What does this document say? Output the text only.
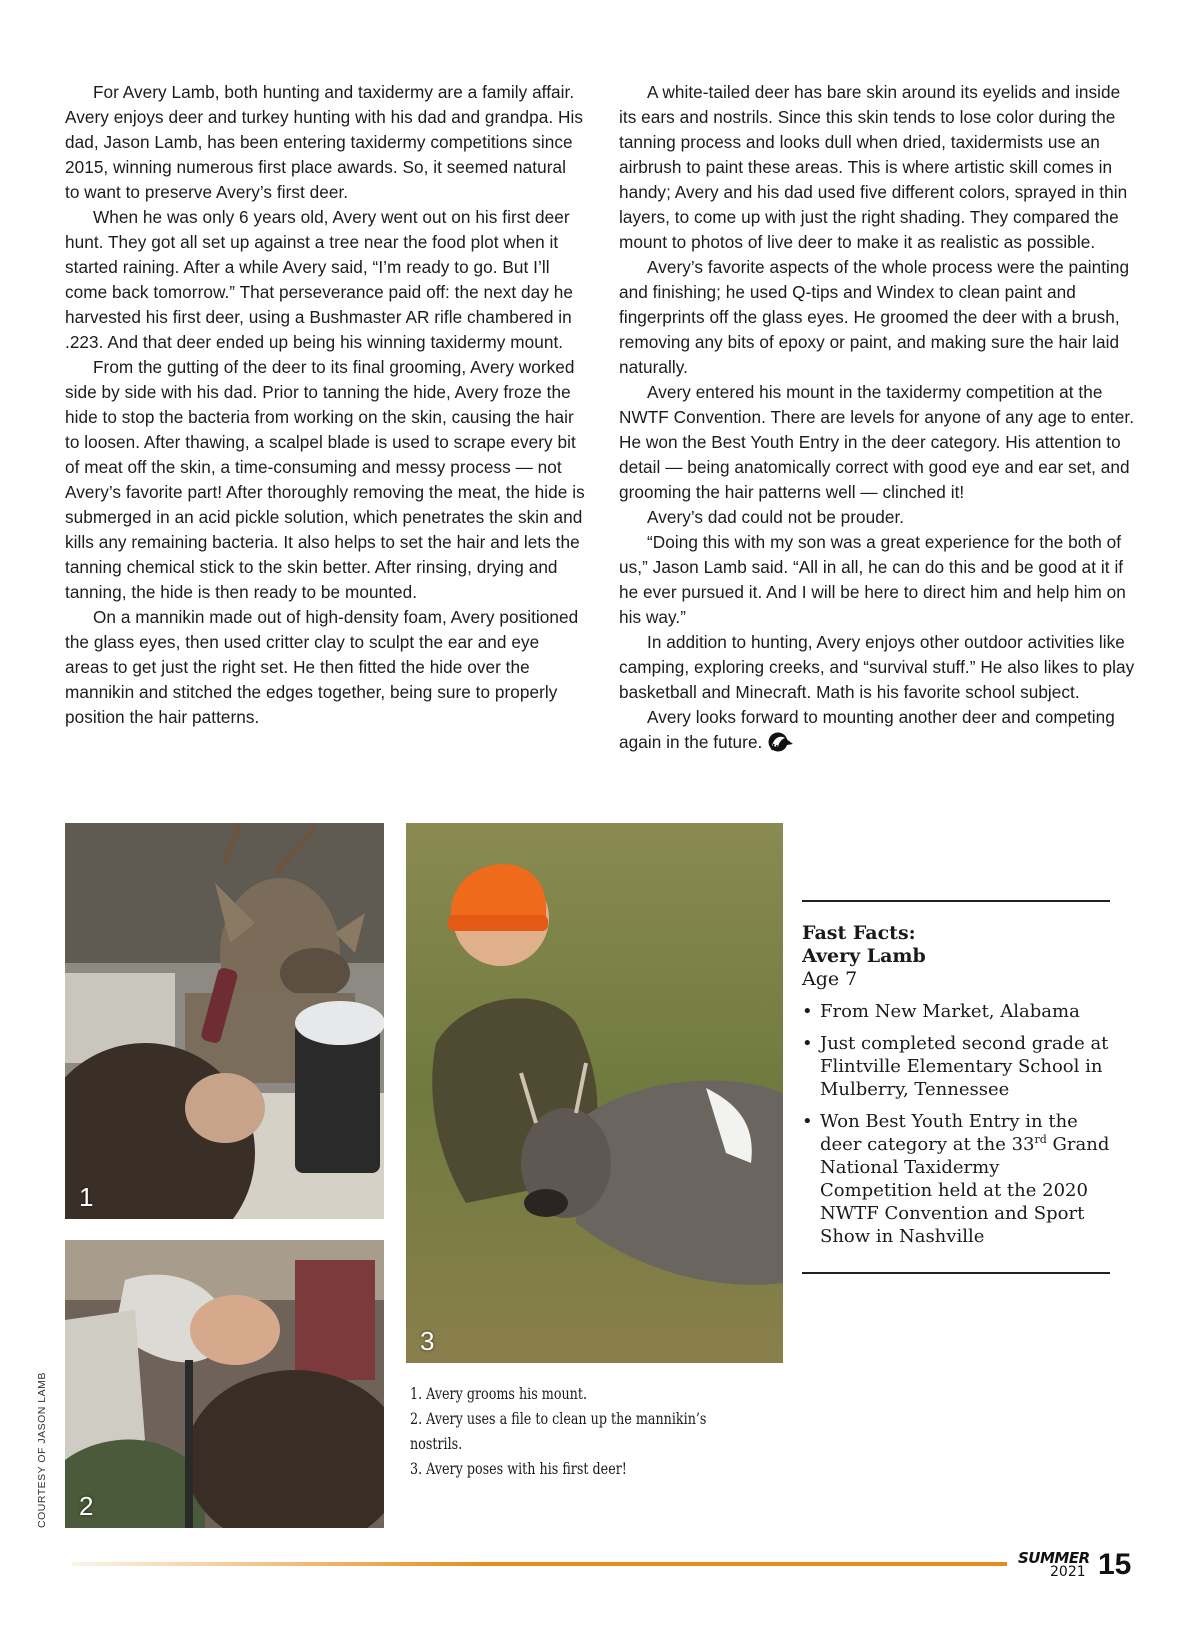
For Avery Lamb, both hunting and taxidermy are a family affair. Avery enjoys deer and turkey hunting with his dad and grandpa. His dad, Jason Lamb, has been entering taxidermy competitions since 2015, winning numerous first place awards. So, it seemed natural to want to preserve Avery’s first deer.

When he was only 6 years old, Avery went out on his first deer hunt. They got all set up against a tree near the food plot when it started raining. After a while Avery said, “I’m ready to go. But I’ll come back tomorrow.” That perseverance paid off: the next day he harvested his first deer, using a Bushmaster AR rifle chambered in .223. And that deer ended up being his winning taxidermy mount.

From the gutting of the deer to its final grooming, Avery worked side by side with his dad. Prior to tanning the hide, Avery froze the hide to stop the bacteria from working on the skin, causing the hair to loosen. After thawing, a scalpel blade is used to scrape every bit of meat off the skin, a time-consuming and messy process — not Avery’s favorite part! After thoroughly removing the meat, the hide is submerged in an acid pickle solution, which penetrates the skin and kills any remaining bacteria. It also helps to set the hair and lets the tanning chemical stick to the skin better. After rinsing, drying and tanning, the hide is then ready to be mounted.

On a mannikin made out of high-density foam, Avery positioned the glass eyes, then used critter clay to sculpt the ear and eye areas to get just the right set. He then fitted the hide over the mannikin and stitched the edges together, being sure to properly position the hair patterns.

A white-tailed deer has bare skin around its eyelids and inside its ears and nostrils. Since this skin tends to lose color during the tanning process and looks dull when dried, taxidermists use an airbrush to paint these areas. This is where artistic skill comes in handy; Avery and his dad used five different colors, sprayed in thin layers, to come up with just the right shading. They compared the mount to photos of live deer to make it as realistic as possible.

Avery’s favorite aspects of the whole process were the painting and finishing; he used Q-tips and Windex to clean paint and fingerprints off the glass eyes. He groomed the deer with a brush, removing any bits of epoxy or paint, and making sure the hair laid naturally.

Avery entered his mount in the taxidermy competition at the NWTF Convention. There are levels for anyone of any age to enter. He won the Best Youth Entry in the deer category. His attention to detail — being anatomically correct with good eye and ear set, and grooming the hair patterns well — clinched it!

Avery’s dad could not be prouder.

“Doing this with my son was a great experience for the both of us,” Jason Lamb said. “All in all, he can do this and be good at it if he ever pursued it. And I will be here to direct him and help him on his way.”

In addition to hunting, Avery enjoys other outdoor activities like camping, exploring creeks, and “survival stuff.” He also likes to play basketball and Minecraft. Math is his favorite school subject.

Avery looks forward to mounting another deer and competing again in the future.

1
2
3
COURTESY OF JASON LAMB	1. Avery grooms his mount.
2. Avery uses a file to clean up the mannikin’s nostrils.
3. Avery poses with his first deer!
Fast Facts:
Avery Lamb
Age 7
• From New Market, Alabama
• Just completed second grade at Flintville Elementary School in Mulberry, Tennessee
• Won Best Youth Entry in the deer category at the 33rd Grand National Taxidermy Competition held at the 2020 NWTF Convention and Sport Show in Nashville
SUMMER
2021 15
